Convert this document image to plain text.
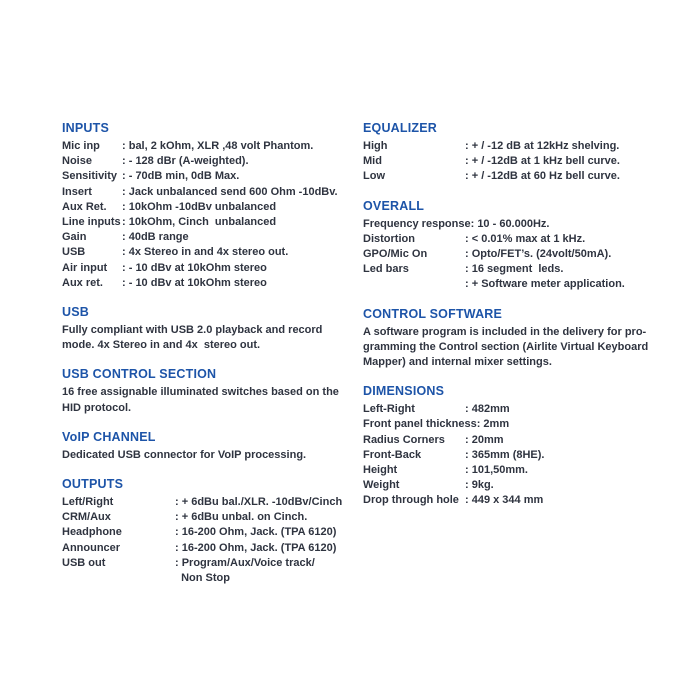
INPUTS
Mic inp	: bal, 2 kOhm, XLR ,48 volt Phantom.
Noise	: - 128 dBr (A-weighted).
Sensitivity : - 70dB min, 0dB Max.
Insert	: Jack unbalanced send 600 Ohm -10dBv.
Aux Ret.	: 10kOhm -10dBv unbalanced
Line inputs : 10kOhm, Cinch  unbalanced
Gain	: 40dB range
USB	: 4x Stereo in and 4x stereo out.
Air input	: - 10 dBv at 10kOhm stereo
Aux ret.	: - 10 dBv at 10kOhm stereo
USB
Fully compliant with USB 2.0 playback and record
mode. 4x Stereo in and 4x  stereo out.
USB CONTROL SECTION
16 free assignable illuminated switches based on the
HID protocol.
VoIP CHANNEL
Dedicated USB connector for VoIP processing.
OUTPUTS
Left/Right	: + 6dBu bal./XLR. -10dBv/Cinch
CRM/Aux	: + 6dBu unbal. on Cinch.
Headphone	: 16-200 Ohm, Jack. (TPA 6120)
Announcer	: 16-200 Ohm, Jack. (TPA 6120)
USB out	: Program/Aux/Voice track/
Non Stop
EQUALIZER
High	: + / -12 dB at 12kHz shelving.
Mid	: + / -12dB at 1 kHz bell curve.
Low	: + / -12dB at 60 Hz bell curve.
OVERALL
Frequency response : 10 - 60.000Hz.
Distortion	: < 0.01% max at 1 kHz.
GPO/Mic On	: Opto/FET’s. (24volt/50mA).
Led bars	: 16 segment  leds.
: + Software meter application.
CONTROL SOFTWARE
A software program is included in the delivery for pro-
gramming the Control section (Airlite Virtual Keyboard
Mapper) and internal mixer settings.
DIMENSIONS
Left-Right	: 482mm
Front panel thickness : 2mm
Radius Corners	: 20mm
Front-Back	: 365mm (8HE).
Height	: 101,50mm.
Weight	: 9kg.
Drop through hole : 449 x 344 mm
